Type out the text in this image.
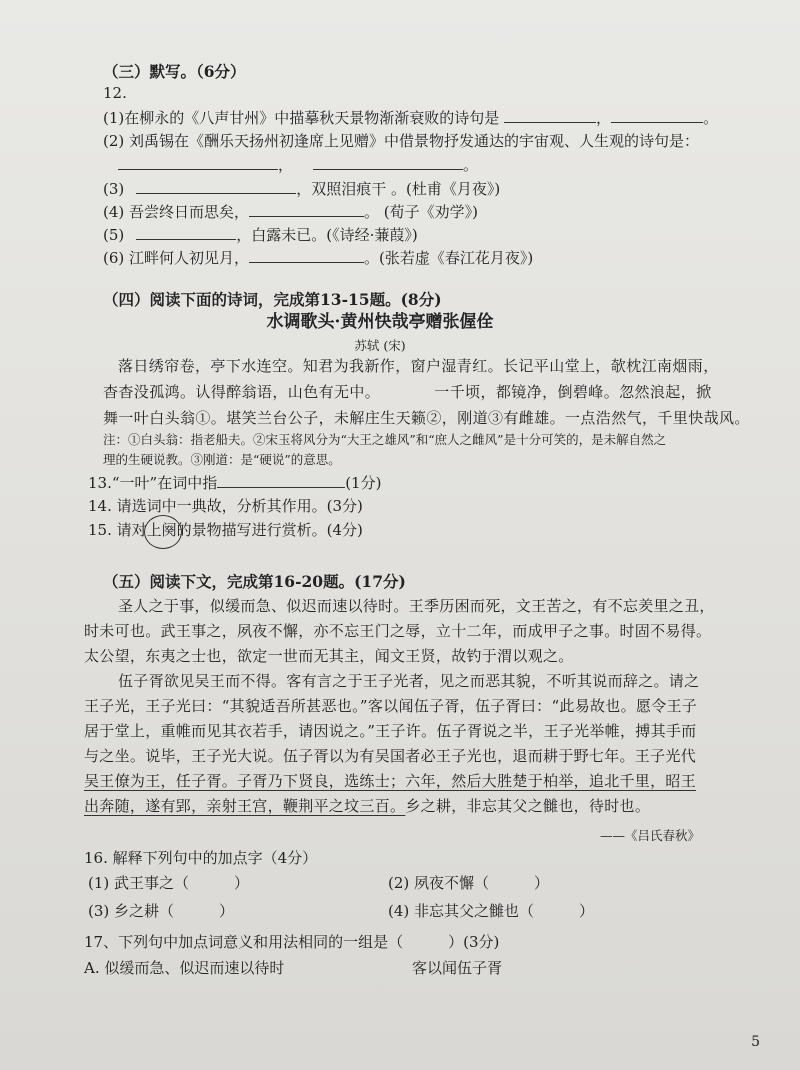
（三）默写。（6分）
12.
(1)在柳永的《八声甘州》中描摹秋天景物渐渐衰败的诗句是	，	。
(2) 刘禹锡在《酬乐天扬州初逢席上见赠》中借景物抒发通达的宇宙观、人生观的诗句是：
，	。
(3)	，双照泪痕干 。(杜甫《月夜》)
(4) 吾尝终日而思矣，	。 (荀子《劝学》)
(5)	，白露未已。(《诗经·蒹葭》)
(6) 江畔何人初见月，	。(张若虚《春江花月夜》)
（四）阅读下面的诗词，完成第13-15题。(8分)
水调歌头·黄州快哉亭赠张偓佺
苏轼 (宋)
落日绣帘卷，亭下水连空。知君为我新作，窗户湿青红。长记平山堂上，欹枕江南烟雨，
杳杳没孤鸿。认得醉翁语，山色有无中。　　　　一千顷，都镜净，倒碧峰。忽然浪起，掀
舞一叶白头翁①。堪笑兰台公子，未解庄生天籁②，刚道③有雌雄。一点浩然气，千里快哉风。
注：①白头翁：指老船夫。②宋玉将风分为“大王之雄风”和“庶人之雌风”是十分可笑的，是未解自然之
理的生硬说教。③刚道：是“硬说”的意思。
13.“一叶”在词中指	(1分)
14. 请选词中一典故，分析其作用。(3分)
15. 请对上阕的景物描写进行赏析。(4分)
（五）阅读下文，完成第16-20题。(17分)
圣人之于事，似缓而急、似迟而速以待时。王季历困而死，文王苦之，有不忘羑里之丑，
时未可也。武王事之，夙夜不懈，亦不忘王门之辱，立十二年，而成甲子之事。时固不易得。
太公望，东夷之士也，欲定一世而无其主，闻文王贤，故钓于渭以观之。
伍子胥欲见吴王而不得。客有言之于王子光者，见之而恶其貌，不听其说而辞之。请之
王子光，王子光曰：“其貌适吾所甚恶也。”客以闻伍子胥，伍子胥曰：“此易故也。愿令王子
居于堂上，重帷而见其衣若手，请因说之。”王子许。伍子胥说之半，王子光举帷，搏其手而
与之坐。说毕，王子光大说。伍子胥以为有吴国者必王子光也，退而耕于野七年。王子光代
吴王僚为王，任子胥。子胥乃下贤良，选练士；六年，然后大胜楚于柏举，追北千里，昭王
出奔随，遂有郢，亲射王宫，鞭荆平之坟三百。乡之耕，非忘其父之雠也，待时也。
——《吕氏春秋》
16. 解释下列句中的加点字（4分）
(1) 武王事之（　　　）	(2) 夙夜不懈（　　　）
(3) 乡之耕（　　　）	(4) 非忘其父之雠也（　　　）
17、下列句中加点词意义和用法相同的一组是（　　　）(3分)
A. 似缓而急、似迟而速以待时	客以闻伍子胥
5
